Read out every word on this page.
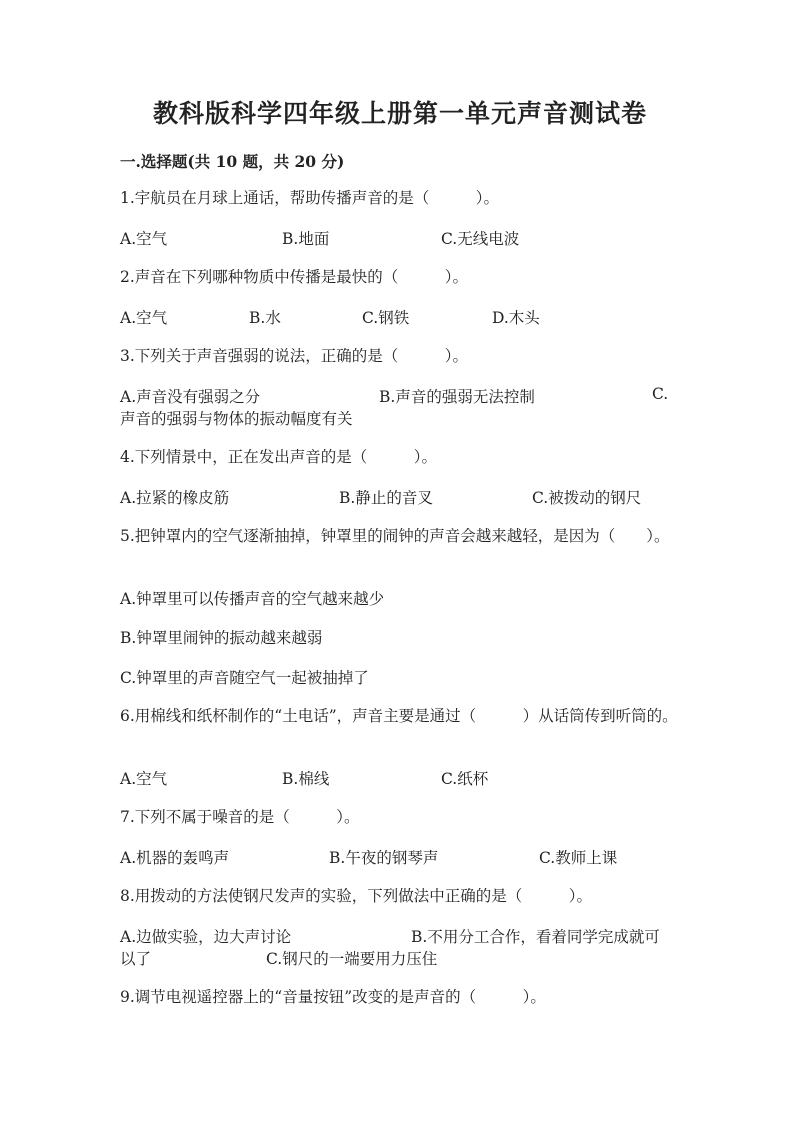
教科版科学四年级上册第一单元声音测试卷
一.选择题(共 10 题，共 20 分)
1.宇航员在月球上通话，帮助传播声音的是（　　　）。
A.空气	B.地面	C.无线电波
2.声音在下列哪种物质中传播是最快的（　　　）。
A.空气	B.水	C.钢铁	D.木头
3.下列关于声音强弱的说法，正确的是（　　　）。
A.声音没有强弱之分	B.声音的强弱无法控制	C.
声音的强弱与物体的振动幅度有关
4.下列情景中，正在发出声音的是（　　　）。
A.拉紧的橡皮筋	B.静止的音叉	C.被拨动的钢尺
5.把钟罩内的空气逐渐抽掉，钟罩里的闹钟的声音会越来越轻，是因为（　　）。
A.钟罩里可以传播声音的空气越来越少
B.钟罩里闹钟的振动越来越弱
C.钟罩里的声音随空气一起被抽掉了
6.用棉线和纸杯制作的“土电话”，声音主要是通过（　　　）从话筒传到听筒的。
A.空气	B.棉线	C.纸杯
7.下列不属于噪音的是（　　　）。
A.机器的轰鸣声	B.午夜的钢琴声	C.教师上课
8.用拨动的方法使钢尺发声的实验，下列做法中正确的是（　　　）。
A.边做实验，边大声讨论	B.不用分工合作，看着同学完成就可
以了	C.钢尺的一端要用力压住
9.调节电视遥控器上的“音量按钮”改变的是声音的（　　　）。
